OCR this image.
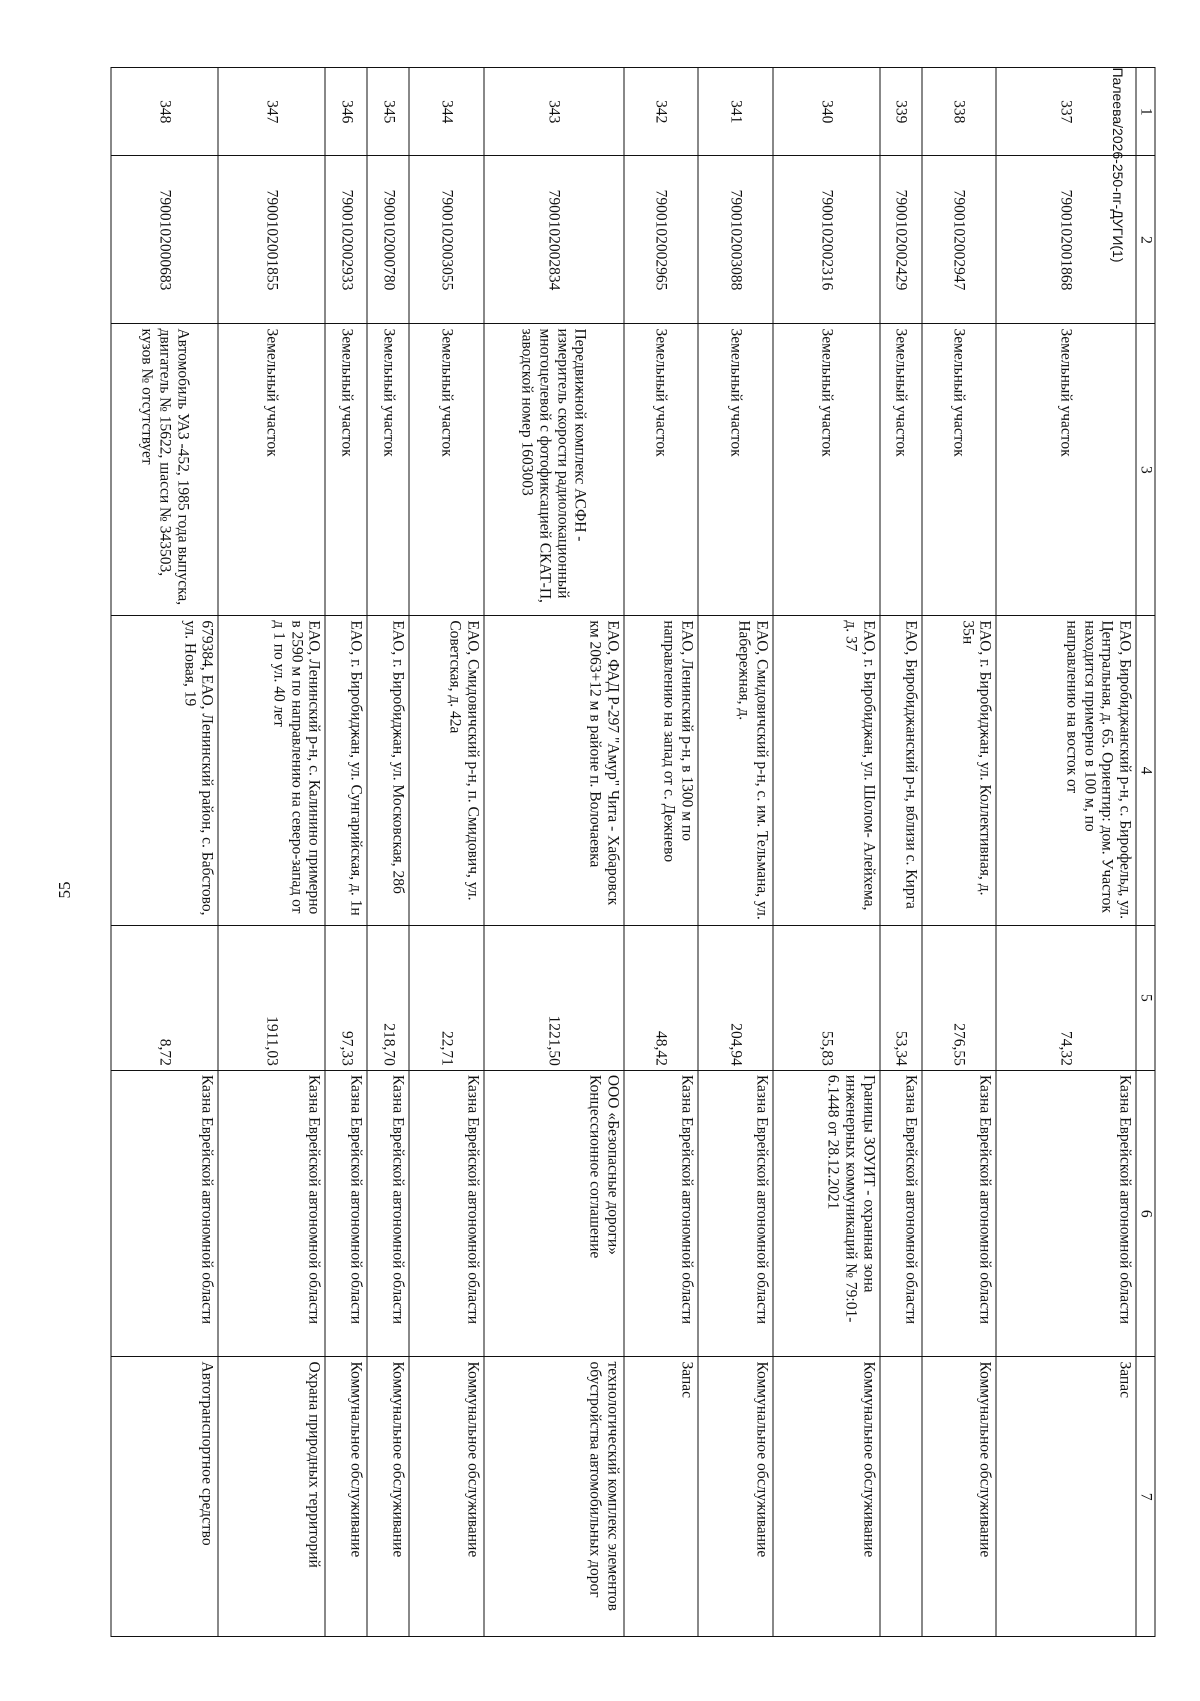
55
1	2	3	4	5	6	7
337	7900102001868	Земельный участок	ЕАО, Биробиджанский р-н, с. Бирофельд, ул. Центральная, д. 65. Ориентир: дом. Участок находится примерно в 100 м, по направлению на восток от	74,32	Казна Еврейской автономной области	Запас
338	7900102002947	Земельный участок	ЕАО, г. Биробиджан, ул. Коллективная, д. 35н	276,55	Казна Еврейской автономной области	Коммунальное обслуживание
339	7900102002429	Земельный участок	ЕАО, Биробиджанский р-н, вблизи с. Кирга	53,34	Казна Еврейской автономной области	
340	7900102002316	Земельный участок	ЕАО, г. Биробиджан, ул. Шолом- Алейхема, д. 37	55,83	Границы ЗОУИТ - охранная зона инженерных коммуникаций № 79:01-6.1448 от 28.12.2021	Коммунальное обслуживание
341	7900102003088	Земельный участок	ЕАО, Смидовичский р-н, с. им. Тельмана, ул. Набережная, д.	204,94	Казна Еврейской автономной области	Коммунальное обслуживание
342	7900102002965	Земельный участок	ЕАО, Ленинский р-н, в 1300 м по направлению на запад от с. Дежнево	48,42	Казна Еврейской автономной области	Запас
343	7900102002834	Передвижной комплекс АСФН - измеритель скорости радиолокационный многоцелевой с фотофиксацией СКАТ-П, заводской номер 1603003	ЕАО, ФАД Р-297 "Амур" Чита - Хабаровск км 2063+12 м в районе п. Волочаевка	1221,50	ООО «Безопасные дороги» Концессионное соглашение	технологический комплекс элементов обустройства автомобильных дорог
344	7900102003055	Земельный участок	ЕАО, Смидовичский р-н, п. Смидович, ул. Советская, д. 42а	22,71	Казна Еврейской автономной области	Коммунальное обслуживание
345	7900102000780	Земельный участок	ЕАО, г. Биробиджан, ул. Московская, 28б	218,70	Казна Еврейской автономной области	Коммунальное обслуживание
346	7900102002933	Земельный участок	ЕАО, г. Биробиджан, ул. Сунгарийская, д. 1н	97,33	Казна Еврейской автономной области	Коммунальное обслуживание
347	7900102001855	Земельный участок	ЕАО, Ленинский р-н, с. Калинино примерно в 2590 м по направлению на северо-запад от д 1 по ул. 40 лет	1911,03	Казна Еврейской автономной области	Охрана природных территорий
348	7900102000683	Автомобиль УАЗ -452, 1985 года выпуска, двигатель № 15622, шасси № 343503, кузов № отсутствует	679384, ЕАО, Ленинский район, с. Бабстово, ул. Новая, 19	8,72	Казна Еврейской автономной области	Автотранспортное средство
Палеева/2026-250-пг-ДУГИ(1)
